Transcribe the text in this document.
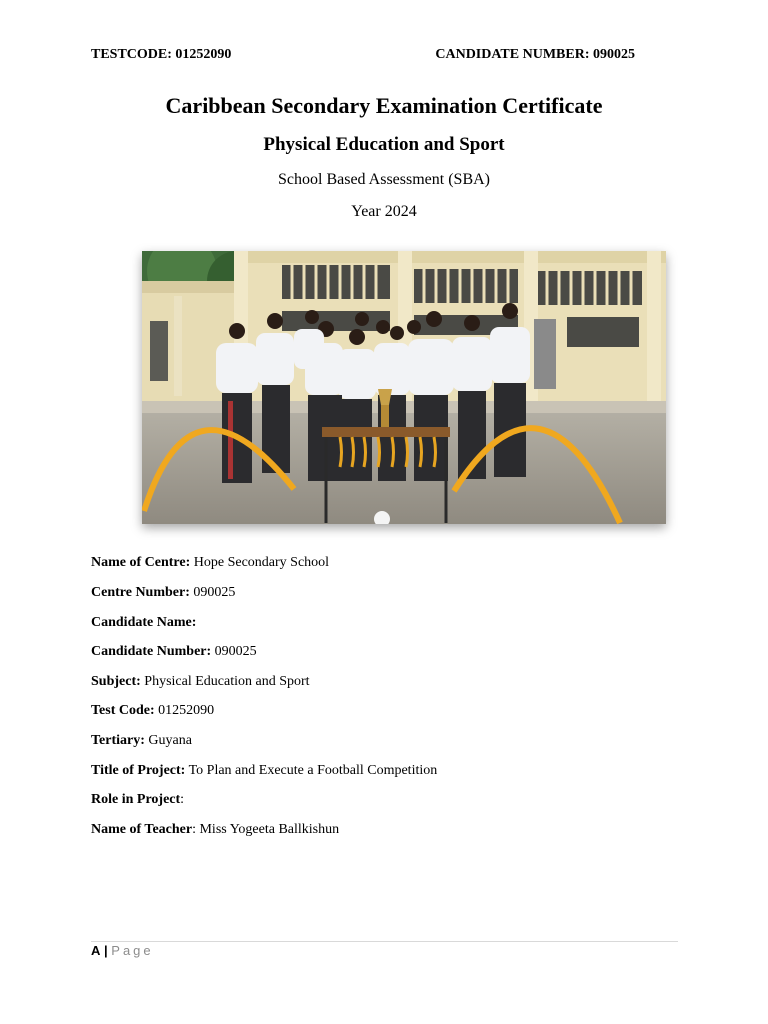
TESTCODE: 01252090	CANDIDATE NUMBER: 090025
Caribbean Secondary Examination Certificate
Physical Education and Sport
School Based Assessment (SBA)
Year 2024
Name of Centre: Hope Secondary School
Centre Number: 090025
Candidate Name:
Candidate Number: 090025
Subject: Physical Education and Sport
Test Code: 01252090
Tertiary: Guyana
Title of Project: To Plan and Execute a Football Competition
Role in Project:
Name of Teacher: Miss Yogeeta Ballkishun
A | Page
